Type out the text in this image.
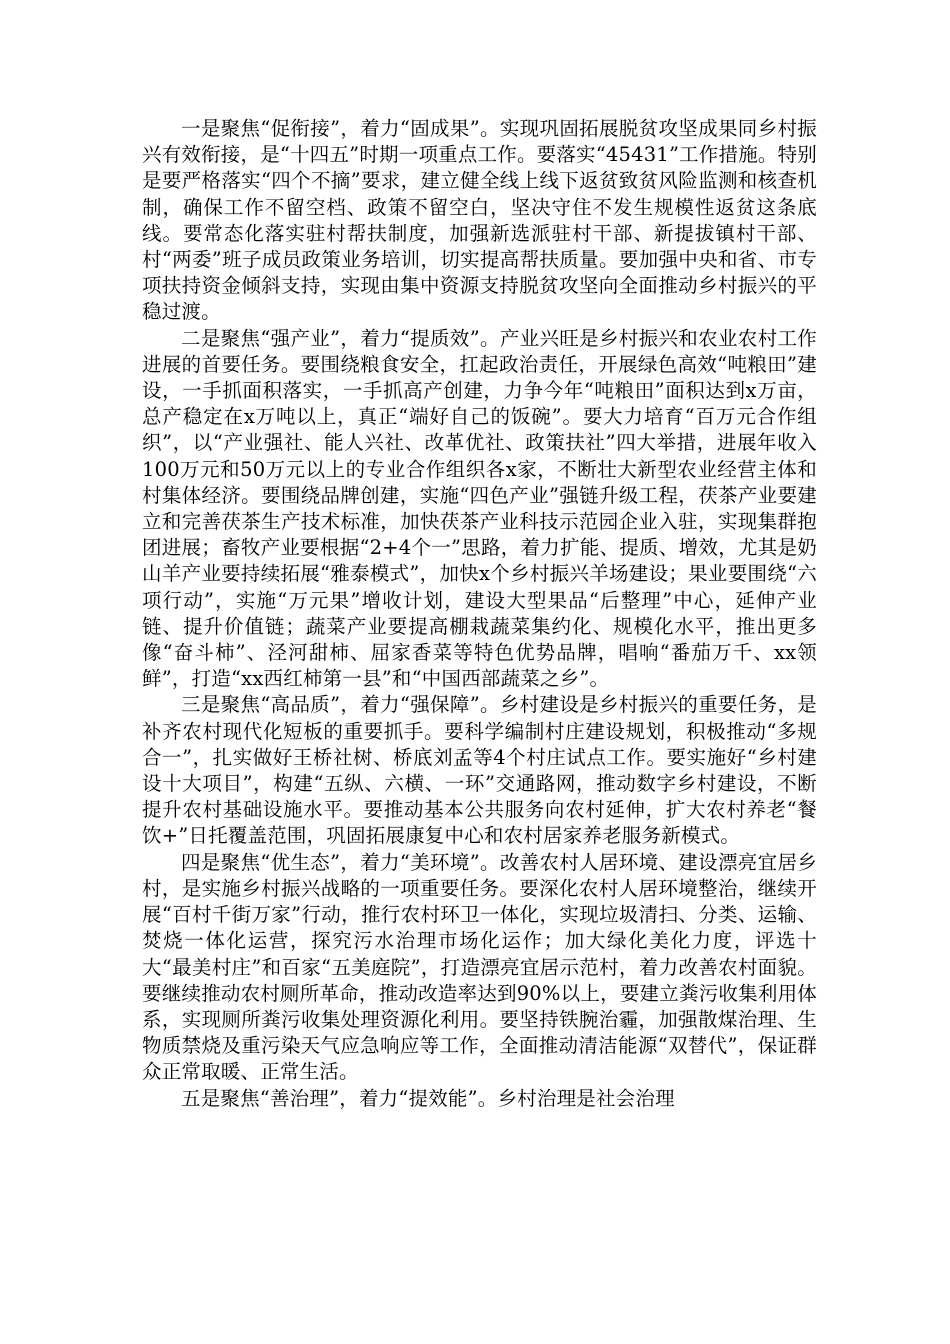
一是聚焦“促衔接”，着力“固成果”。实现巩固拓展脱贫攻坚成果同乡村振兴有效衔接，是“十四五”时期一项重点工作。要落实“45431”工作措施。特别是要严格落实“四个不摘”要求，建立健全线上线下返贫致贫风险监测和核查机制，确保工作不留空档、政策不留空白，坚决守住不发生规模性返贫这条底线。要常态化落实驻村帮扶制度，加强新选派驻村干部、新提拔镇村干部、村“两委”班子成员政策业务培训，切实提高帮扶质量。要加强中央和省、市专项扶持资金倾斜支持，实现由集中资源支持脱贫攻坚向全面推动乡村振兴的平稳过渡。

二是聚焦“强产业”，着力“提质效”。产业兴旺是乡村振兴和农业农村工作进展的首要任务。要围绕粮食安全，扛起政治责任，开展绿色高效“吨粮田”建设，一手抓面积落实，一手抓高产创建，力争今年“吨粮田”面积达到x万亩，总产稳定在x万吨以上，真正“端好自己的饭碗”。要大力培育“百万元合作组织”，以“产业强社、能人兴社、改革优社、政策扶社”四大举措，进展年收入100万元和50万元以上的专业合作组织各x家，不断壮大新型农业经营主体和村集体经济。要围绕品牌创建，实施“四色产业”强链升级工程，茯茶产业要建立和完善茯茶生产技术标准，加快茯茶产业科技示范园企业入驻，实现集群抱团进展；畜牧产业要根据“2+4个一”思路，着力扩能、提质、增效，尤其是奶山羊产业要持续拓展“雅泰模式”，加快x个乡村振兴羊场建设；果业要围绕“六项行动”，实施“万元果”增收计划，建设大型果品“后整理”中心，延伸产业链、提升价值链；蔬菜产业要提高棚栽蔬菜集约化、规模化水平，推出更多像“奋斗柿”、泾河甜柿、屈家香菜等特色优势品牌，唱响“番茄万千、xx领鲜”，打造“xx西红柿第一县”和“中国西部蔬菜之乡”。

三是聚焦“高品质”，着力“强保障”。乡村建设是乡村振兴的重要任务，是补齐农村现代化短板的重要抓手。要科学编制村庄建设规划，积极推动“多规合一”，扎实做好王桥社树、桥底刘孟等4个村庄试点工作。要实施好“乡村建设十大项目”，构建“五纵、六横、一环”交通路网，推动数字乡村建设，不断提升农村基础设施水平。要推动基本公共服务向农村延伸，扩大农村养老“餐饮+”日托覆盖范围，巩固拓展康复中心和农村居家养老服务新模式。

四是聚焦“优生态”，着力“美环境”。改善农村人居环境、建设漂亮宜居乡村，是实施乡村振兴战略的一项重要任务。要深化农村人居环境整治，继续开展“百村千街万家”行动，推行农村环卫一体化，实现垃圾清扫、分类、运输、焚烧一体化运营，探究污水治理市场化运作；加大绿化美化力度，评选十大“最美村庄”和百家“五美庭院”，打造漂亮宜居示范村，着力改善农村面貌。要继续推动农村厕所革命，推动改造率达到90%以上，要建立粪污收集利用体系，实现厕所粪污收集处理资源化利用。要坚持铁腕治霾，加强散煤治理、生物质禁烧及重污染天气应急响应等工作，全面推动清洁能源“双替代”，保证群众正常取暖、正常生活。

五是聚焦“善治理”，着力“提效能”。乡村治理是社会治理
